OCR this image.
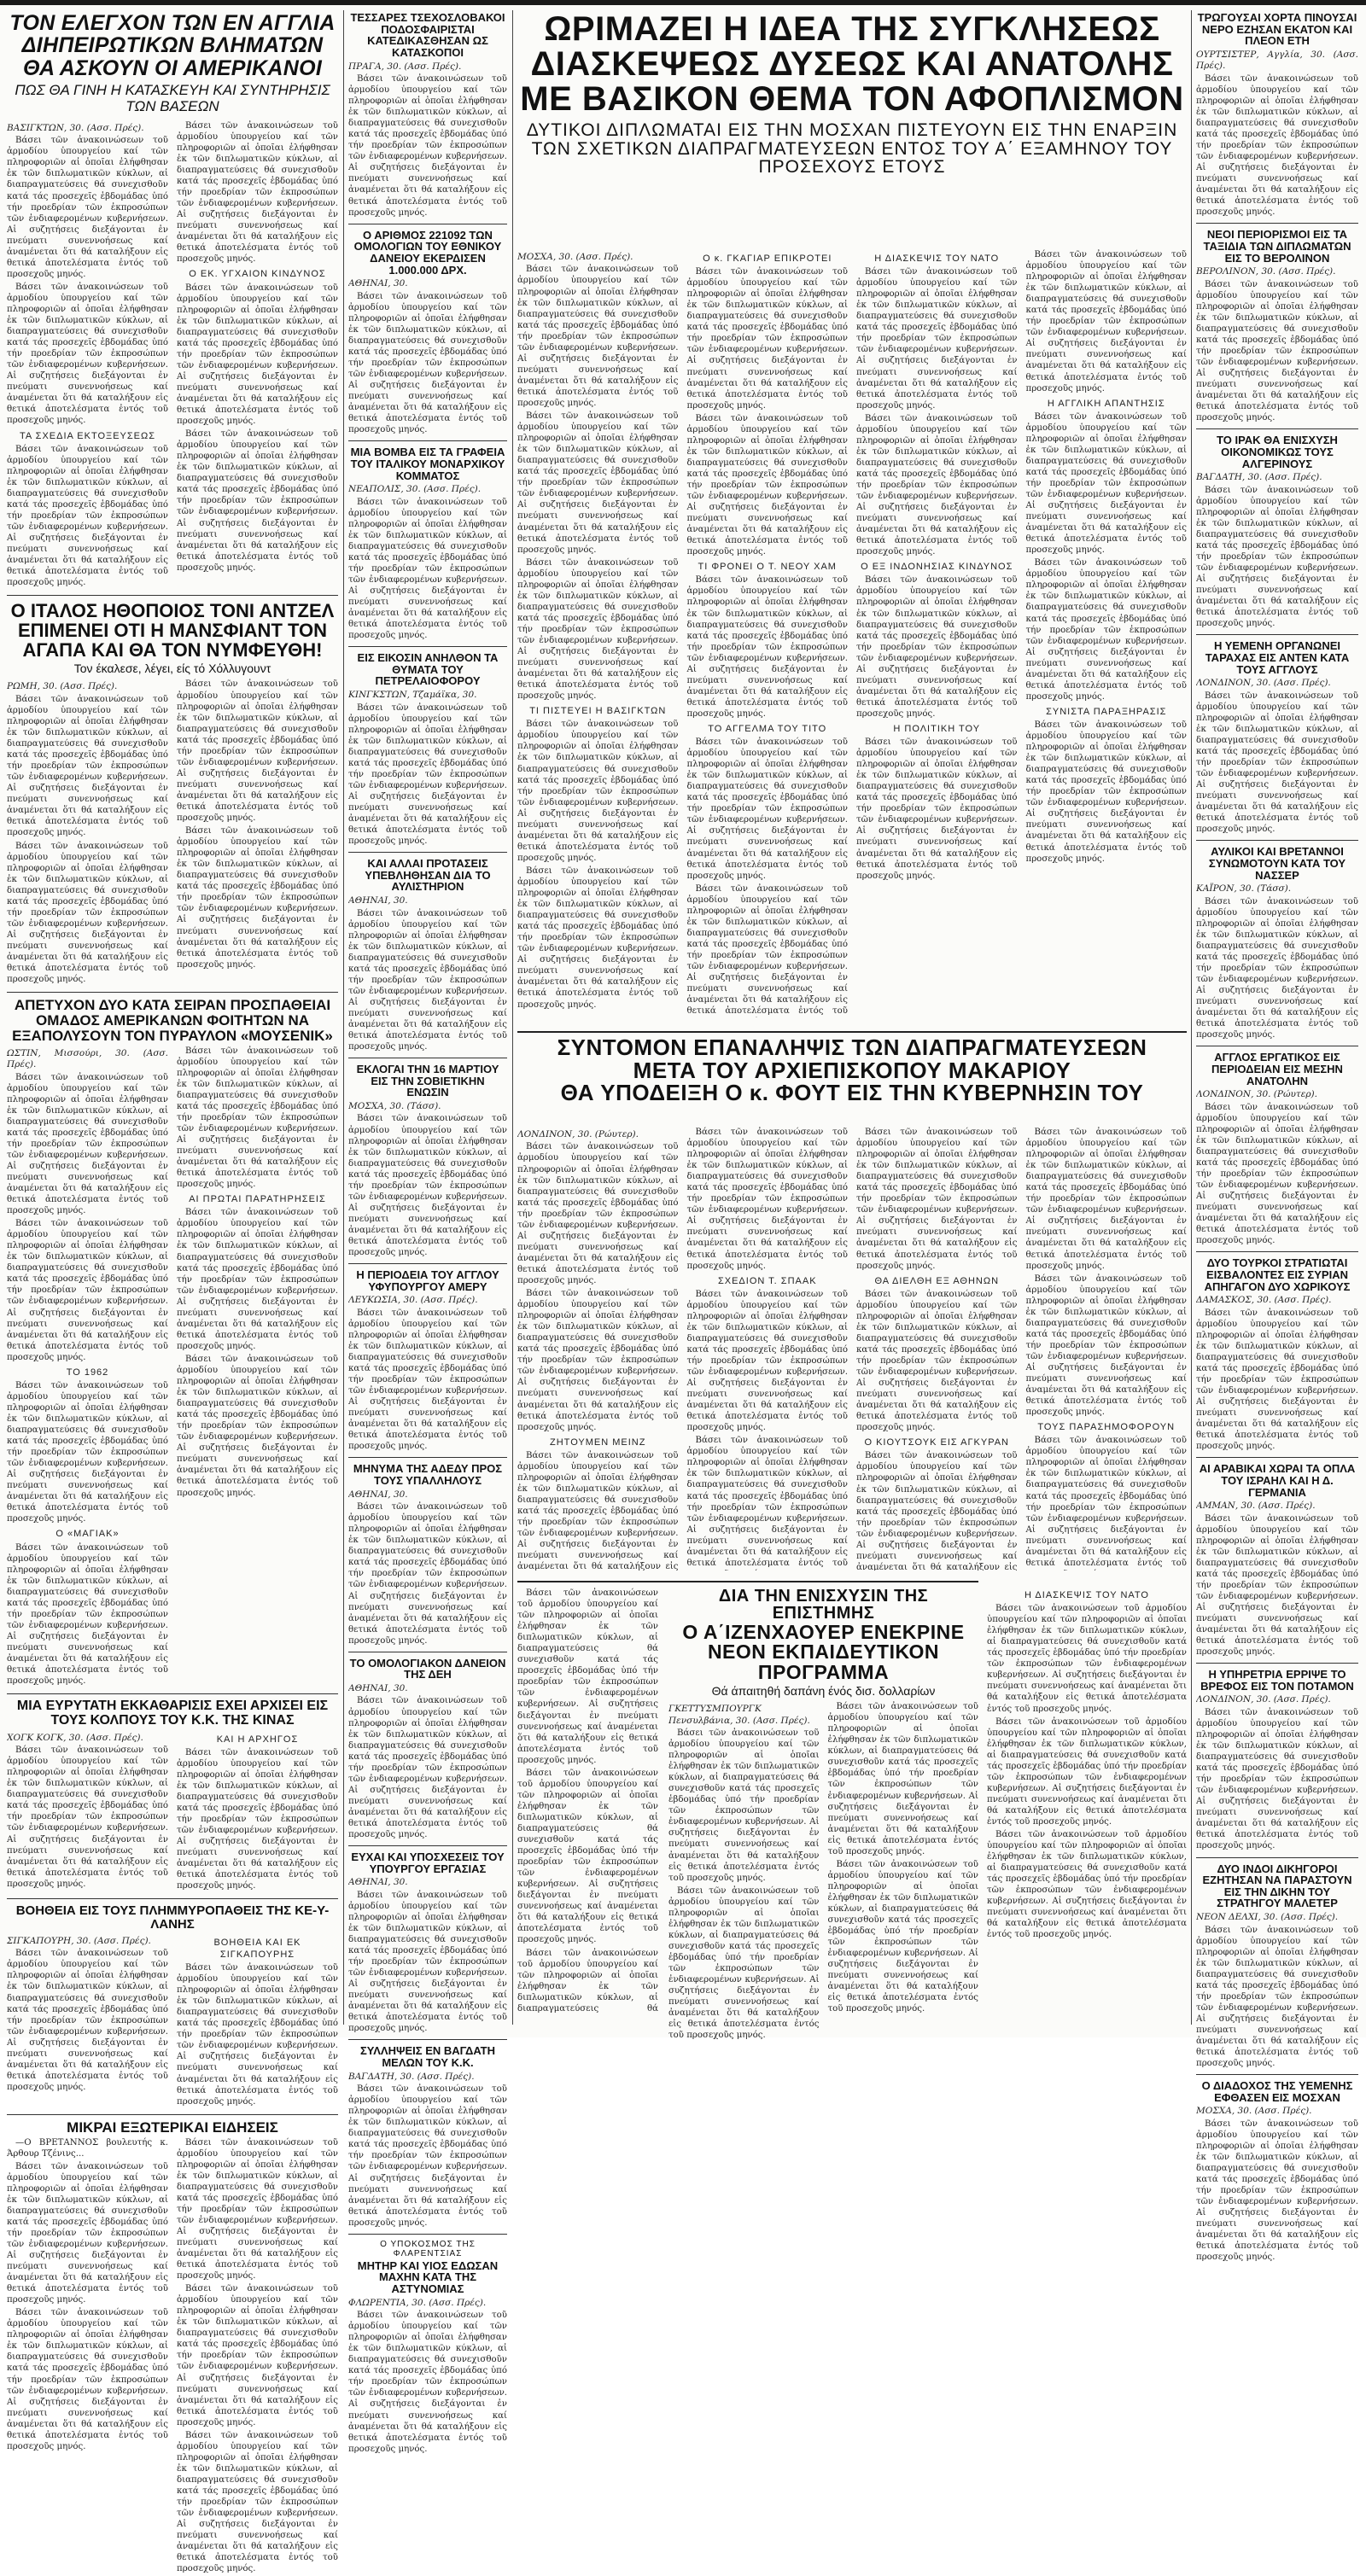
ΤΟΝ ΕΛΕΓΧΟΝ ΤΩΝ ΕΝ ΑΓΓΛΙΑ ΔΙΗΠΕΙΡΩΤΙΚΩΝ ΒΛΗΜΑΤΩΝ ΘΑ ΑΣΚΟΥΝ ΟΙ ΑΜΕΡΙΚΑΝΟΙ
ΠΩΣ ΘΑ ΓΙΝΗ Η ΚΑΤΑΣΚΕΥΗ ΚΑΙ ΣΥΝΤΗΡΗΣΙΣ ΤΩΝ ΒΑΣΕΩΝ
ΒΑΣΙΓΚΤΩΝ, 30. (Ασσ. Πρές).

Βάσει τῶν ἀνακοινώσεων τοῦ ἀρμοδίου ὑπουργείου καί τῶν πληροφοριῶν αἱ ὁποῖαι ἐλήφθησαν ἐκ τῶν διπλωματικῶν κύκλων, αἱ διαπραγματεύσεις θά συνεχισθοῦν κατά τάς προσεχεῖς ἑβδομάδας ὑπό τήν προεδρίαν τῶν ἐκπροσώπων τῶν ἐνδιαφερομένων κυβερνήσεων. Αἱ συζητήσεις διεξάγονται ἐν πνεύματι συνεννοήσεως καί ἀναμένεται ὅτι θά καταλήξουν εἰς θετικά ἀποτελέσματα ἐντός τοῦ προσεχοῦς μηνός.

Βάσει τῶν ἀνακοινώσεων τοῦ ἀρμοδίου ὑπουργείου καί τῶν πληροφοριῶν αἱ ὁποῖαι ἐλήφθησαν ἐκ τῶν διπλωματικῶν κύκλων, αἱ διαπραγματεύσεις θά συνεχισθοῦν κατά τάς προσεχεῖς ἑβδομάδας ὑπό τήν προεδρίαν τῶν ἐκπροσώπων τῶν ἐνδιαφερομένων κυβερνήσεων. Αἱ συζητήσεις διεξάγονται ἐν πνεύματι συνεννοήσεως καί ἀναμένεται ὅτι θά καταλήξουν εἰς θετικά ἀποτελέσματα ἐντός τοῦ προσεχοῦς μηνός.

ΤΑ ΣΧΕΔΙΑ ΕΚΤΟΞΕΥΣΕΩΣ

Βάσει τῶν ἀνακοινώσεων τοῦ ἀρμοδίου ὑπουργείου καί τῶν πληροφοριῶν αἱ ὁποῖαι ἐλήφθησαν ἐκ τῶν διπλωματικῶν κύκλων, αἱ διαπραγματεύσεις θά συνεχισθοῦν κατά τάς προσεχεῖς ἑβδομάδας ὑπό τήν προεδρίαν τῶν ἐκπροσώπων τῶν ἐνδιαφερομένων κυβερνήσεων. Αἱ συζητήσεις διεξάγονται ἐν πνεύματι συνεννοήσεως καί ἀναμένεται ὅτι θά καταλήξουν εἰς θετικά ἀποτελέσματα ἐντός τοῦ προσεχοῦς μηνός.

Βάσει τῶν ἀνακοινώσεων τοῦ ἀρμοδίου ὑπουργείου καί τῶν πληροφοριῶν αἱ ὁποῖαι ἐλήφθησαν ἐκ τῶν διπλωματικῶν κύκλων, αἱ διαπραγματεύσεις θά συνεχισθοῦν κατά τάς προσεχεῖς ἑβδομάδας ὑπό τήν προεδρίαν τῶν ἐκπροσώπων τῶν ἐνδιαφερομένων κυβερνήσεων. Αἱ συζητήσεις διεξάγονται ἐν πνεύματι συνεννοήσεως καί ἀναμένεται ὅτι θά καταλήξουν εἰς θετικά ἀποτελέσματα ἐντός τοῦ προσεχοῦς μηνός.

Ο ΕΚ. ΥΓΧΑΙΟΝ ΚΙΝΔΥΝΟΣ

Βάσει τῶν ἀνακοινώσεων τοῦ ἀρμοδίου ὑπουργείου καί τῶν πληροφοριῶν αἱ ὁποῖαι ἐλήφθησαν ἐκ τῶν διπλωματικῶν κύκλων, αἱ διαπραγματεύσεις θά συνεχισθοῦν κατά τάς προσεχεῖς ἑβδομάδας ὑπό τήν προεδρίαν τῶν ἐκπροσώπων τῶν ἐνδιαφερομένων κυβερνήσεων. Αἱ συζητήσεις διεξάγονται ἐν πνεύματι συνεννοήσεως καί ἀναμένεται ὅτι θά καταλήξουν εἰς θετικά ἀποτελέσματα ἐντός τοῦ προσεχοῦς μηνός.

Βάσει τῶν ἀνακοινώσεων τοῦ ἀρμοδίου ὑπουργείου καί τῶν πληροφοριῶν αἱ ὁποῖαι ἐλήφθησαν ἐκ τῶν διπλωματικῶν κύκλων, αἱ διαπραγματεύσεις θά συνεχισθοῦν κατά τάς προσεχεῖς ἑβδομάδας ὑπό τήν προεδρίαν τῶν ἐκπροσώπων τῶν ἐνδιαφερομένων κυβερνήσεων. Αἱ συζητήσεις διεξάγονται ἐν πνεύματι συνεννοήσεως καί ἀναμένεται ὅτι θά καταλήξουν εἰς θετικά ἀποτελέσματα ἐντός τοῦ προσεχοῦς μηνός.

Ο ΙΤΑΛΟΣ ΗΘΟΠΟΙΟΣ ΤΟΝΙ ΑΝΤΖΕΛ ΕΠΙΜΕΝΕΙ ΟΤΙ Η ΜΑΝΣΦΙΑΝΤ ΤΟΝ ΑΓΑΠΑ ΚΑΙ ΘΑ ΤΟΝ ΝΥΜΦΕΥΘΗ!
Τον έκαλεσε, λέγει, είς τό Χόλλυγουντ
ΡΩΜΗ, 30. (Ασσ. Πρές).

Βάσει τῶν ἀνακοινώσεων τοῦ ἀρμοδίου ὑπουργείου καί τῶν πληροφοριῶν αἱ ὁποῖαι ἐλήφθησαν ἐκ τῶν διπλωματικῶν κύκλων, αἱ διαπραγματεύσεις θά συνεχισθοῦν κατά τάς προσεχεῖς ἑβδομάδας ὑπό τήν προεδρίαν τῶν ἐκπροσώπων τῶν ἐνδιαφερομένων κυβερνήσεων. Αἱ συζητήσεις διεξάγονται ἐν πνεύματι συνεννοήσεως καί ἀναμένεται ὅτι θά καταλήξουν εἰς θετικά ἀποτελέσματα ἐντός τοῦ προσεχοῦς μηνός.

Βάσει τῶν ἀνακοινώσεων τοῦ ἀρμοδίου ὑπουργείου καί τῶν πληροφοριῶν αἱ ὁποῖαι ἐλήφθησαν ἐκ τῶν διπλωματικῶν κύκλων, αἱ διαπραγματεύσεις θά συνεχισθοῦν κατά τάς προσεχεῖς ἑβδομάδας ὑπό τήν προεδρίαν τῶν ἐκπροσώπων τῶν ἐνδιαφερομένων κυβερνήσεων. Αἱ συζητήσεις διεξάγονται ἐν πνεύματι συνεννοήσεως καί ἀναμένεται ὅτι θά καταλήξουν εἰς θετικά ἀποτελέσματα ἐντός τοῦ προσεχοῦς μηνός.

Βάσει τῶν ἀνακοινώσεων τοῦ ἀρμοδίου ὑπουργείου καί τῶν πληροφοριῶν αἱ ὁποῖαι ἐλήφθησαν ἐκ τῶν διπλωματικῶν κύκλων, αἱ διαπραγματεύσεις θά συνεχισθοῦν κατά τάς προσεχεῖς ἑβδομάδας ὑπό τήν προεδρίαν τῶν ἐκπροσώπων τῶν ἐνδιαφερομένων κυβερνήσεων. Αἱ συζητήσεις διεξάγονται ἐν πνεύματι συνεννοήσεως καί ἀναμένεται ὅτι θά καταλήξουν εἰς θετικά ἀποτελέσματα ἐντός τοῦ προσεχοῦς μηνός.

Βάσει τῶν ἀνακοινώσεων τοῦ ἀρμοδίου ὑπουργείου καί τῶν πληροφοριῶν αἱ ὁποῖαι ἐλήφθησαν ἐκ τῶν διπλωματικῶν κύκλων, αἱ διαπραγματεύσεις θά συνεχισθοῦν κατά τάς προσεχεῖς ἑβδομάδας ὑπό τήν προεδρίαν τῶν ἐκπροσώπων τῶν ἐνδιαφερομένων κυβερνήσεων. Αἱ συζητήσεις διεξάγονται ἐν πνεύματι συνεννοήσεως καί ἀναμένεται ὅτι θά καταλήξουν εἰς θετικά ἀποτελέσματα ἐντός τοῦ προσεχοῦς μηνός.

ΑΠΕΤΥΧΟΝ ΔΥΟ ΚΑΤΑ ΣΕΙΡΑΝ ΠΡΟΣΠΑΘΕΙΑΙ ΟΜΑΔΟΣ ΑΜΕΡΙΚΑΝΩΝ ΦΟΙΤΗΤΩΝ ΝΑ ΕΞΑΠΟΛΥΣΟΥΝ ΤΟΝ ΠΥΡΑΥΛΟΝ «ΜΟΥΣΕΝΙΚ»
ΩΣΤΙΝ, Μισσούρι, 30. (Ασσ. Πρές).

Βάσει τῶν ἀνακοινώσεων τοῦ ἀρμοδίου ὑπουργείου καί τῶν πληροφοριῶν αἱ ὁποῖαι ἐλήφθησαν ἐκ τῶν διπλωματικῶν κύκλων, αἱ διαπραγματεύσεις θά συνεχισθοῦν κατά τάς προσεχεῖς ἑβδομάδας ὑπό τήν προεδρίαν τῶν ἐκπροσώπων τῶν ἐνδιαφερομένων κυβερνήσεων. Αἱ συζητήσεις διεξάγονται ἐν πνεύματι συνεννοήσεως καί ἀναμένεται ὅτι θά καταλήξουν εἰς θετικά ἀποτελέσματα ἐντός τοῦ προσεχοῦς μηνός.

Βάσει τῶν ἀνακοινώσεων τοῦ ἀρμοδίου ὑπουργείου καί τῶν πληροφοριῶν αἱ ὁποῖαι ἐλήφθησαν ἐκ τῶν διπλωματικῶν κύκλων, αἱ διαπραγματεύσεις θά συνεχισθοῦν κατά τάς προσεχεῖς ἑβδομάδας ὑπό τήν προεδρίαν τῶν ἐκπροσώπων τῶν ἐνδιαφερομένων κυβερνήσεων. Αἱ συζητήσεις διεξάγονται ἐν πνεύματι συνεννοήσεως καί ἀναμένεται ὅτι θά καταλήξουν εἰς θετικά ἀποτελέσματα ἐντός τοῦ προσεχοῦς μηνός.

ΤΟ 1962

Βάσει τῶν ἀνακοινώσεων τοῦ ἀρμοδίου ὑπουργείου καί τῶν πληροφοριῶν αἱ ὁποῖαι ἐλήφθησαν ἐκ τῶν διπλωματικῶν κύκλων, αἱ διαπραγματεύσεις θά συνεχισθοῦν κατά τάς προσεχεῖς ἑβδομάδας ὑπό τήν προεδρίαν τῶν ἐκπροσώπων τῶν ἐνδιαφερομένων κυβερνήσεων. Αἱ συζητήσεις διεξάγονται ἐν πνεύματι συνεννοήσεως καί ἀναμένεται ὅτι θά καταλήξουν εἰς θετικά ἀποτελέσματα ἐντός τοῦ προσεχοῦς μηνός.

Ο «ΜΑΓΙΑΚ»

Βάσει τῶν ἀνακοινώσεων τοῦ ἀρμοδίου ὑπουργείου καί τῶν πληροφοριῶν αἱ ὁποῖαι ἐλήφθησαν ἐκ τῶν διπλωματικῶν κύκλων, αἱ διαπραγματεύσεις θά συνεχισθοῦν κατά τάς προσεχεῖς ἑβδομάδας ὑπό τήν προεδρίαν τῶν ἐκπροσώπων τῶν ἐνδιαφερομένων κυβερνήσεων. Αἱ συζητήσεις διεξάγονται ἐν πνεύματι συνεννοήσεως καί ἀναμένεται ὅτι θά καταλήξουν εἰς θετικά ἀποτελέσματα ἐντός τοῦ προσεχοῦς μηνός.

Βάσει τῶν ἀνακοινώσεων τοῦ ἀρμοδίου ὑπουργείου καί τῶν πληροφοριῶν αἱ ὁποῖαι ἐλήφθησαν ἐκ τῶν διπλωματικῶν κύκλων, αἱ διαπραγματεύσεις θά συνεχισθοῦν κατά τάς προσεχεῖς ἑβδομάδας ὑπό τήν προεδρίαν τῶν ἐκπροσώπων τῶν ἐνδιαφερομένων κυβερνήσεων. Αἱ συζητήσεις διεξάγονται ἐν πνεύματι συνεννοήσεως καί ἀναμένεται ὅτι θά καταλήξουν εἰς θετικά ἀποτελέσματα ἐντός τοῦ προσεχοῦς μηνός.

ΑΙ ΠΡΩΤΑΙ ΠΑΡΑΤΗΡΗΣΕΙΣ

Βάσει τῶν ἀνακοινώσεων τοῦ ἀρμοδίου ὑπουργείου καί τῶν πληροφοριῶν αἱ ὁποῖαι ἐλήφθησαν ἐκ τῶν διπλωματικῶν κύκλων, αἱ διαπραγματεύσεις θά συνεχισθοῦν κατά τάς προσεχεῖς ἑβδομάδας ὑπό τήν προεδρίαν τῶν ἐκπροσώπων τῶν ἐνδιαφερομένων κυβερνήσεων. Αἱ συζητήσεις διεξάγονται ἐν πνεύματι συνεννοήσεως καί ἀναμένεται ὅτι θά καταλήξουν εἰς θετικά ἀποτελέσματα ἐντός τοῦ προσεχοῦς μηνός.

Βάσει τῶν ἀνακοινώσεων τοῦ ἀρμοδίου ὑπουργείου καί τῶν πληροφοριῶν αἱ ὁποῖαι ἐλήφθησαν ἐκ τῶν διπλωματικῶν κύκλων, αἱ διαπραγματεύσεις θά συνεχισθοῦν κατά τάς προσεχεῖς ἑβδομάδας ὑπό τήν προεδρίαν τῶν ἐκπροσώπων τῶν ἐνδιαφερομένων κυβερνήσεων. Αἱ συζητήσεις διεξάγονται ἐν πνεύματι συνεννοήσεως καί ἀναμένεται ὅτι θά καταλήξουν εἰς θετικά ἀποτελέσματα ἐντός τοῦ προσεχοῦς μηνός.

ΜΙΑ ΕΥΡΥΤΑΤΗ ΕΚΚΑΘΑΡΙΣΙΣ ΕΧΕΙ ΑΡΧΙΣΕΙ ΕΙΣ ΤΟΥΣ ΚΟΛΠΟΥΣ ΤΟΥ Κ.Κ. ΤΗΣ ΚΙΝΑΣ
ΧΟΓΚ ΚΟΓΚ, 30. (Ασσ. Πρές).

Βάσει τῶν ἀνακοινώσεων τοῦ ἀρμοδίου ὑπουργείου καί τῶν πληροφοριῶν αἱ ὁποῖαι ἐλήφθησαν ἐκ τῶν διπλωματικῶν κύκλων, αἱ διαπραγματεύσεις θά συνεχισθοῦν κατά τάς προσεχεῖς ἑβδομάδας ὑπό τήν προεδρίαν τῶν ἐκπροσώπων τῶν ἐνδιαφερομένων κυβερνήσεων. Αἱ συζητήσεις διεξάγονται ἐν πνεύματι συνεννοήσεως καί ἀναμένεται ὅτι θά καταλήξουν εἰς θετικά ἀποτελέσματα ἐντός τοῦ προσεχοῦς μηνός.

ΚΑΙ Η ΑΡΧΗΓΟΣ

Βάσει τῶν ἀνακοινώσεων τοῦ ἀρμοδίου ὑπουργείου καί τῶν πληροφοριῶν αἱ ὁποῖαι ἐλήφθησαν ἐκ τῶν διπλωματικῶν κύκλων, αἱ διαπραγματεύσεις θά συνεχισθοῦν κατά τάς προσεχεῖς ἑβδομάδας ὑπό τήν προεδρίαν τῶν ἐκπροσώπων τῶν ἐνδιαφερομένων κυβερνήσεων. Αἱ συζητήσεις διεξάγονται ἐν πνεύματι συνεννοήσεως καί ἀναμένεται ὅτι θά καταλήξουν εἰς θετικά ἀποτελέσματα ἐντός τοῦ προσεχοῦς μηνός.

ΒΟΗΘΕΙΑ ΕΙΣ ΤΟΥΣ ΠΛΗΜΜΥΡΟΠΑΘΕΙΣ ΤΗΣ ΚΕ-Υ-ΛΑΝΗΣ
ΣΙΓΚΑΠΟΥΡΗ, 30. (Ασσ. Πρές).

Βάσει τῶν ἀνακοινώσεων τοῦ ἀρμοδίου ὑπουργείου καί τῶν πληροφοριῶν αἱ ὁποῖαι ἐλήφθησαν ἐκ τῶν διπλωματικῶν κύκλων, αἱ διαπραγματεύσεις θά συνεχισθοῦν κατά τάς προσεχεῖς ἑβδομάδας ὑπό τήν προεδρίαν τῶν ἐκπροσώπων τῶν ἐνδιαφερομένων κυβερνήσεων. Αἱ συζητήσεις διεξάγονται ἐν πνεύματι συνεννοήσεως καί ἀναμένεται ὅτι θά καταλήξουν εἰς θετικά ἀποτελέσματα ἐντός τοῦ προσεχοῦς μηνός.

ΒΟΗΘΕΙΑ ΚΑΙ ΕΚ ΣΙΓΚΑΠΟΥΡΗΣ

Βάσει τῶν ἀνακοινώσεων τοῦ ἀρμοδίου ὑπουργείου καί τῶν πληροφοριῶν αἱ ὁποῖαι ἐλήφθησαν ἐκ τῶν διπλωματικῶν κύκλων, αἱ διαπραγματεύσεις θά συνεχισθοῦν κατά τάς προσεχεῖς ἑβδομάδας ὑπό τήν προεδρίαν τῶν ἐκπροσώπων τῶν ἐνδιαφερομένων κυβερνήσεων. Αἱ συζητήσεις διεξάγονται ἐν πνεύματι συνεννοήσεως καί ἀναμένεται ὅτι θά καταλήξουν εἰς θετικά ἀποτελέσματα ἐντός τοῦ προσεχοῦς μηνός.

ΜΙΚΡΑΙ ΕΞΩΤΕΡΙΚΑΙ ΕΙΔΗΣΕΙΣ

—Ο ΒΡΕΤΑΝΝΟΣ βουλευτής κ. Άρθουρ Τζένινς...

Βάσει τῶν ἀνακοινώσεων τοῦ ἀρμοδίου ὑπουργείου καί τῶν πληροφοριῶν αἱ ὁποῖαι ἐλήφθησαν ἐκ τῶν διπλωματικῶν κύκλων, αἱ διαπραγματεύσεις θά συνεχισθοῦν κατά τάς προσεχεῖς ἑβδομάδας ὑπό τήν προεδρίαν τῶν ἐκπροσώπων τῶν ἐνδιαφερομένων κυβερνήσεων. Αἱ συζητήσεις διεξάγονται ἐν πνεύματι συνεννοήσεως καί ἀναμένεται ὅτι θά καταλήξουν εἰς θετικά ἀποτελέσματα ἐντός τοῦ προσεχοῦς μηνός.

Βάσει τῶν ἀνακοινώσεων τοῦ ἀρμοδίου ὑπουργείου καί τῶν πληροφοριῶν αἱ ὁποῖαι ἐλήφθησαν ἐκ τῶν διπλωματικῶν κύκλων, αἱ διαπραγματεύσεις θά συνεχισθοῦν κατά τάς προσεχεῖς ἑβδομάδας ὑπό τήν προεδρίαν τῶν ἐκπροσώπων τῶν ἐνδιαφερομένων κυβερνήσεων. Αἱ συζητήσεις διεξάγονται ἐν πνεύματι συνεννοήσεως καί ἀναμένεται ὅτι θά καταλήξουν εἰς θετικά ἀποτελέσματα ἐντός τοῦ προσεχοῦς μηνός.

Βάσει τῶν ἀνακοινώσεων τοῦ ἀρμοδίου ὑπουργείου καί τῶν πληροφοριῶν αἱ ὁποῖαι ἐλήφθησαν ἐκ τῶν διπλωματικῶν κύκλων, αἱ διαπραγματεύσεις θά συνεχισθοῦν κατά τάς προσεχεῖς ἑβδομάδας ὑπό τήν προεδρίαν τῶν ἐκπροσώπων τῶν ἐνδιαφερομένων κυβερνήσεων. Αἱ συζητήσεις διεξάγονται ἐν πνεύματι συνεννοήσεως καί ἀναμένεται ὅτι θά καταλήξουν εἰς θετικά ἀποτελέσματα ἐντός τοῦ προσεχοῦς μηνός.

Βάσει τῶν ἀνακοινώσεων τοῦ ἀρμοδίου ὑπουργείου καί τῶν πληροφοριῶν αἱ ὁποῖαι ἐλήφθησαν ἐκ τῶν διπλωματικῶν κύκλων, αἱ διαπραγματεύσεις θά συνεχισθοῦν κατά τάς προσεχεῖς ἑβδομάδας ὑπό τήν προεδρίαν τῶν ἐκπροσώπων τῶν ἐνδιαφερομένων κυβερνήσεων. Αἱ συζητήσεις διεξάγονται ἐν πνεύματι συνεννοήσεως καί ἀναμένεται ὅτι θά καταλήξουν εἰς θετικά ἀποτελέσματα ἐντός τοῦ προσεχοῦς μηνός.

Βάσει τῶν ἀνακοινώσεων τοῦ ἀρμοδίου ὑπουργείου καί τῶν πληροφοριῶν αἱ ὁποῖαι ἐλήφθησαν ἐκ τῶν διπλωματικῶν κύκλων, αἱ διαπραγματεύσεις θά συνεχισθοῦν κατά τάς προσεχεῖς ἑβδομάδας ὑπό τήν προεδρίαν τῶν ἐκπροσώπων τῶν ἐνδιαφερομένων κυβερνήσεων. Αἱ συζητήσεις διεξάγονται ἐν πνεύματι συνεννοήσεως καί ἀναμένεται ὅτι θά καταλήξουν εἰς θετικά ἀποτελέσματα ἐντός τοῦ προσεχοῦς μηνός.

ΤΕΣΣΑΡΕΣ ΤΣΕΧΟΣΛΟΒΑΚΟΙ ΠΟΔΟΣΦΑΙΡΙΣΤΑΙ ΚΑΤΕΔΙΚΑΣΘΗΣΑΝ ΩΣ ΚΑΤΑΣΚΟΠΟΙ
ΠΡΑΓΑ, 30. (Ασσ. Πρές).

Βάσει τῶν ἀνακοινώσεων τοῦ ἀρμοδίου ὑπουργείου καί τῶν πληροφοριῶν αἱ ὁποῖαι ἐλήφθησαν ἐκ τῶν διπλωματικῶν κύκλων, αἱ διαπραγματεύσεις θά συνεχισθοῦν κατά τάς προσεχεῖς ἑβδομάδας ὑπό τήν προεδρίαν τῶν ἐκπροσώπων τῶν ἐνδιαφερομένων κυβερνήσεων. Αἱ συζητήσεις διεξάγονται ἐν πνεύματι συνεννοήσεως καί ἀναμένεται ὅτι θά καταλήξουν εἰς θετικά ἀποτελέσματα ἐντός τοῦ προσεχοῦς μηνός.

Ο ΑΡΙΘΜΟΣ 221092 ΤΩΝ ΟΜΟΛΟΓΙΩΝ ΤΟΥ ΕΘΝΙΚΟΥ ΔΑΝΕΙΟΥ ΕΚΕΡΔΙΣΕΝ 1.000.000 ΔΡΧ.
ΑΘΗΝΑΙ, 30.

Βάσει τῶν ἀνακοινώσεων τοῦ ἀρμοδίου ὑπουργείου καί τῶν πληροφοριῶν αἱ ὁποῖαι ἐλήφθησαν ἐκ τῶν διπλωματικῶν κύκλων, αἱ διαπραγματεύσεις θά συνεχισθοῦν κατά τάς προσεχεῖς ἑβδομάδας ὑπό τήν προεδρίαν τῶν ἐκπροσώπων τῶν ἐνδιαφερομένων κυβερνήσεων. Αἱ συζητήσεις διεξάγονται ἐν πνεύματι συνεννοήσεως καί ἀναμένεται ὅτι θά καταλήξουν εἰς θετικά ἀποτελέσματα ἐντός τοῦ προσεχοῦς μηνός.

ΜΙΑ ΒΟΜΒΑ ΕΙΣ ΤΑ ΓΡΑΦΕΙΑ ΤΟΥ ΙΤΑΛΙΚΟΥ ΜΟΝΑΡΧΙΚΟΥ ΚΟΜΜΑΤΟΣ
ΝΕΑΠΟΛΙΣ, 30. (Ασσ. Πρές).

Βάσει τῶν ἀνακοινώσεων τοῦ ἀρμοδίου ὑπουργείου καί τῶν πληροφοριῶν αἱ ὁποῖαι ἐλήφθησαν ἐκ τῶν διπλωματικῶν κύκλων, αἱ διαπραγματεύσεις θά συνεχισθοῦν κατά τάς προσεχεῖς ἑβδομάδας ὑπό τήν προεδρίαν τῶν ἐκπροσώπων τῶν ἐνδιαφερομένων κυβερνήσεων. Αἱ συζητήσεις διεξάγονται ἐν πνεύματι συνεννοήσεως καί ἀναμένεται ὅτι θά καταλήξουν εἰς θετικά ἀποτελέσματα ἐντός τοῦ προσεχοῦς μηνός.

ΕΙΣ ΕΙΚΟΣΙΝ ΑΝΗΛΘΟΝ ΤΑ ΘΥΜΑΤΑ ΤΟΥ ΠΕΤΡΕΛΑΙΟΦΟΡΟΥ
ΚΙΝΓΚΣΤΩΝ, Τζαμάϊκα, 30.

Βάσει τῶν ἀνακοινώσεων τοῦ ἀρμοδίου ὑπουργείου καί τῶν πληροφοριῶν αἱ ὁποῖαι ἐλήφθησαν ἐκ τῶν διπλωματικῶν κύκλων, αἱ διαπραγματεύσεις θά συνεχισθοῦν κατά τάς προσεχεῖς ἑβδομάδας ὑπό τήν προεδρίαν τῶν ἐκπροσώπων τῶν ἐνδιαφερομένων κυβερνήσεων. Αἱ συζητήσεις διεξάγονται ἐν πνεύματι συνεννοήσεως καί ἀναμένεται ὅτι θά καταλήξουν εἰς θετικά ἀποτελέσματα ἐντός τοῦ προσεχοῦς μηνός.

ΚΑΙ ΑΛΛΑΙ ΠΡΟΤΑΣΕΙΣ ΥΠΕΒΛΗΘΗΣΑΝ ΔΙΑ ΤΟ ΑΥΛΙΣΤΗΡΙΟΝ
ΑΘΗΝΑΙ, 30.

Βάσει τῶν ἀνακοινώσεων τοῦ ἀρμοδίου ὑπουργείου καί τῶν πληροφοριῶν αἱ ὁποῖαι ἐλήφθησαν ἐκ τῶν διπλωματικῶν κύκλων, αἱ διαπραγματεύσεις θά συνεχισθοῦν κατά τάς προσεχεῖς ἑβδομάδας ὑπό τήν προεδρίαν τῶν ἐκπροσώπων τῶν ἐνδιαφερομένων κυβερνήσεων. Αἱ συζητήσεις διεξάγονται ἐν πνεύματι συνεννοήσεως καί ἀναμένεται ὅτι θά καταλήξουν εἰς θετικά ἀποτελέσματα ἐντός τοῦ προσεχοῦς μηνός.

ΕΚΛΟΓΑΙ ΤΗΝ 16 ΜΑΡΤΙΟΥ ΕΙΣ ΤΗΝ ΣΟΒΙΕΤΙΚΗΝ ΕΝΩΣΙΝ
ΜΟΣΧΑ, 30. (Τάσσ).

Βάσει τῶν ἀνακοινώσεων τοῦ ἀρμοδίου ὑπουργείου καί τῶν πληροφοριῶν αἱ ὁποῖαι ἐλήφθησαν ἐκ τῶν διπλωματικῶν κύκλων, αἱ διαπραγματεύσεις θά συνεχισθοῦν κατά τάς προσεχεῖς ἑβδομάδας ὑπό τήν προεδρίαν τῶν ἐκπροσώπων τῶν ἐνδιαφερομένων κυβερνήσεων. Αἱ συζητήσεις διεξάγονται ἐν πνεύματι συνεννοήσεως καί ἀναμένεται ὅτι θά καταλήξουν εἰς θετικά ἀποτελέσματα ἐντός τοῦ προσεχοῦς μηνός.

Η ΠΕΡΙΟΔΕΙΑ ΤΟΥ ΑΓΓΛΟΥ ΥΦΥΠΟΥΡΓΟΥ ΑΜΕΡΥ
ΛΕΥΚΩΣΙΑ, 30. (Ασσ. Πρές).

Βάσει τῶν ἀνακοινώσεων τοῦ ἀρμοδίου ὑπουργείου καί τῶν πληροφοριῶν αἱ ὁποῖαι ἐλήφθησαν ἐκ τῶν διπλωματικῶν κύκλων, αἱ διαπραγματεύσεις θά συνεχισθοῦν κατά τάς προσεχεῖς ἑβδομάδας ὑπό τήν προεδρίαν τῶν ἐκπροσώπων τῶν ἐνδιαφερομένων κυβερνήσεων. Αἱ συζητήσεις διεξάγονται ἐν πνεύματι συνεννοήσεως καί ἀναμένεται ὅτι θά καταλήξουν εἰς θετικά ἀποτελέσματα ἐντός τοῦ προσεχοῦς μηνός.

ΜΗΝΥΜΑ ΤΗΣ ΑΔΕΔΥ ΠΡΟΣ ΤΟΥΣ ΥΠΑΛΛΗΛΟΥΣ
ΑΘΗΝΑΙ, 30.

Βάσει τῶν ἀνακοινώσεων τοῦ ἀρμοδίου ὑπουργείου καί τῶν πληροφοριῶν αἱ ὁποῖαι ἐλήφθησαν ἐκ τῶν διπλωματικῶν κύκλων, αἱ διαπραγματεύσεις θά συνεχισθοῦν κατά τάς προσεχεῖς ἑβδομάδας ὑπό τήν προεδρίαν τῶν ἐκπροσώπων τῶν ἐνδιαφερομένων κυβερνήσεων. Αἱ συζητήσεις διεξάγονται ἐν πνεύματι συνεννοήσεως καί ἀναμένεται ὅτι θά καταλήξουν εἰς θετικά ἀποτελέσματα ἐντός τοῦ προσεχοῦς μηνός.

ΤΟ ΟΜΟΛΟΓΙΑΚΟΝ ΔΑΝΕΙΟΝ ΤΗΣ ΔΕΗ
ΑΘΗΝΑΙ, 30.

Βάσει τῶν ἀνακοινώσεων τοῦ ἀρμοδίου ὑπουργείου καί τῶν πληροφοριῶν αἱ ὁποῖαι ἐλήφθησαν ἐκ τῶν διπλωματικῶν κύκλων, αἱ διαπραγματεύσεις θά συνεχισθοῦν κατά τάς προσεχεῖς ἑβδομάδας ὑπό τήν προεδρίαν τῶν ἐκπροσώπων τῶν ἐνδιαφερομένων κυβερνήσεων. Αἱ συζητήσεις διεξάγονται ἐν πνεύματι συνεννοήσεως καί ἀναμένεται ὅτι θά καταλήξουν εἰς θετικά ἀποτελέσματα ἐντός τοῦ προσεχοῦς μηνός.

ΕΥΧΑΙ ΚΑΙ ΥΠΟΣΧΕΣΕΙΣ ΤΟΥ ΥΠΟΥΡΓΟΥ ΕΡΓΑΣΙΑΣ
ΑΘΗΝΑΙ, 30.

Βάσει τῶν ἀνακοινώσεων τοῦ ἀρμοδίου ὑπουργείου καί τῶν πληροφοριῶν αἱ ὁποῖαι ἐλήφθησαν ἐκ τῶν διπλωματικῶν κύκλων, αἱ διαπραγματεύσεις θά συνεχισθοῦν κατά τάς προσεχεῖς ἑβδομάδας ὑπό τήν προεδρίαν τῶν ἐκπροσώπων τῶν ἐνδιαφερομένων κυβερνήσεων. Αἱ συζητήσεις διεξάγονται ἐν πνεύματι συνεννοήσεως καί ἀναμένεται ὅτι θά καταλήξουν εἰς θετικά ἀποτελέσματα ἐντός τοῦ προσεχοῦς μηνός.

ΣΥΛΛΗΨΕΙΣ ΕΝ ΒΑΓΔΑΤΗ ΜΕΛΩΝ ΤΟΥ Κ.Κ.
ΒΑΓΔΑΤΗ, 30. (Ασσ. Πρές).

Βάσει τῶν ἀνακοινώσεων τοῦ ἀρμοδίου ὑπουργείου καί τῶν πληροφοριῶν αἱ ὁποῖαι ἐλήφθησαν ἐκ τῶν διπλωματικῶν κύκλων, αἱ διαπραγματεύσεις θά συνεχισθοῦν κατά τάς προσεχεῖς ἑβδομάδας ὑπό τήν προεδρίαν τῶν ἐκπροσώπων τῶν ἐνδιαφερομένων κυβερνήσεων. Αἱ συζητήσεις διεξάγονται ἐν πνεύματι συνεννοήσεως καί ἀναμένεται ὅτι θά καταλήξουν εἰς θετικά ἀποτελέσματα ἐντός τοῦ προσεχοῦς μηνός.

Ο ΥΠΟΚΟΣΜΟΣ ΤΗΣ ΦΛΑΡΕΝΤΣΙΑΣ
ΜΗΤΗΡ ΚΑΙ ΥΙΟΣ ΕΔΩΣΑΝ ΜΑΧΗΝ ΚΑΤΑ ΤΗΣ ΑΣΤΥΝΟΜΙΑΣ
ΦΛΩΡΕΝΤΙΑ, 30. (Ασσ. Πρές).

Βάσει τῶν ἀνακοινώσεων τοῦ ἀρμοδίου ὑπουργείου καί τῶν πληροφοριῶν αἱ ὁποῖαι ἐλήφθησαν ἐκ τῶν διπλωματικῶν κύκλων, αἱ διαπραγματεύσεις θά συνεχισθοῦν κατά τάς προσεχεῖς ἑβδομάδας ὑπό τήν προεδρίαν τῶν ἐκπροσώπων τῶν ἐνδιαφερομένων κυβερνήσεων. Αἱ συζητήσεις διεξάγονται ἐν πνεύματι συνεννοήσεως καί ἀναμένεται ὅτι θά καταλήξουν εἰς θετικά ἀποτελέσματα ἐντός τοῦ προσεχοῦς μηνός.

ΩΡΙΜΑΖΕΙ Η ΙΔΕΑ ΤΗΣ ΣΥΓΚΛΗΣΕΩΣ ΔΙΑΣΚΕΨΕΩΣ ΔΥΣΕΩΣ ΚΑΙ ΑΝΑΤΟΛΗΣ ΜΕ ΒΑΣΙΚΟΝ ΘΕΜΑ ΤΟΝ ΑΦΟΠΛΙΣΜΟΝ
ΔΥΤΙΚΟΙ ΔΙΠΛΩΜΑΤΑΙ ΕΙΣ ΤΗΝ ΜΟΣΧΑΝ ΠΙΣΤΕΥΟΥΝ ΕΙΣ ΤΗΝ ΕΝΑΡΞΙΝ ΤΩΝ ΣΧΕΤΙΚΩΝ ΔΙΑΠΡΑΓΜΑΤΕΥΣΕΩΝ ΕΝΤΟΣ ΤΟΥ Α΄ ΕΞΑΜΗΝΟΥ ΤΟΥ ΠΡΟΣΕΧΟΥΣ ΕΤΟΥΣ
ΜΟΣΧΑ, 30. (Ασσ. Πρές).

Βάσει τῶν ἀνακοινώσεων τοῦ ἀρμοδίου ὑπουργείου καί τῶν πληροφοριῶν αἱ ὁποῖαι ἐλήφθησαν ἐκ τῶν διπλωματικῶν κύκλων, αἱ διαπραγματεύσεις θά συνεχισθοῦν κατά τάς προσεχεῖς ἑβδομάδας ὑπό τήν προεδρίαν τῶν ἐκπροσώπων τῶν ἐνδιαφερομένων κυβερνήσεων. Αἱ συζητήσεις διεξάγονται ἐν πνεύματι συνεννοήσεως καί ἀναμένεται ὅτι θά καταλήξουν εἰς θετικά ἀποτελέσματα ἐντός τοῦ προσεχοῦς μηνός.

Βάσει τῶν ἀνακοινώσεων τοῦ ἀρμοδίου ὑπουργείου καί τῶν πληροφοριῶν αἱ ὁποῖαι ἐλήφθησαν ἐκ τῶν διπλωματικῶν κύκλων, αἱ διαπραγματεύσεις θά συνεχισθοῦν κατά τάς προσεχεῖς ἑβδομάδας ὑπό τήν προεδρίαν τῶν ἐκπροσώπων τῶν ἐνδιαφερομένων κυβερνήσεων. Αἱ συζητήσεις διεξάγονται ἐν πνεύματι συνεννοήσεως καί ἀναμένεται ὅτι θά καταλήξουν εἰς θετικά ἀποτελέσματα ἐντός τοῦ προσεχοῦς μηνός.

Βάσει τῶν ἀνακοινώσεων τοῦ ἀρμοδίου ὑπουργείου καί τῶν πληροφοριῶν αἱ ὁποῖαι ἐλήφθησαν ἐκ τῶν διπλωματικῶν κύκλων, αἱ διαπραγματεύσεις θά συνεχισθοῦν κατά τάς προσεχεῖς ἑβδομάδας ὑπό τήν προεδρίαν τῶν ἐκπροσώπων τῶν ἐνδιαφερομένων κυβερνήσεων. Αἱ συζητήσεις διεξάγονται ἐν πνεύματι συνεννοήσεως καί ἀναμένεται ὅτι θά καταλήξουν εἰς θετικά ἀποτελέσματα ἐντός τοῦ προσεχοῦς μηνός.

ΤΙ ΠΙΣΤΕΥΕΙ Η ΒΑΣΙΓΚΤΩΝ

Βάσει τῶν ἀνακοινώσεων τοῦ ἀρμοδίου ὑπουργείου καί τῶν πληροφοριῶν αἱ ὁποῖαι ἐλήφθησαν ἐκ τῶν διπλωματικῶν κύκλων, αἱ διαπραγματεύσεις θά συνεχισθοῦν κατά τάς προσεχεῖς ἑβδομάδας ὑπό τήν προεδρίαν τῶν ἐκπροσώπων τῶν ἐνδιαφερομένων κυβερνήσεων. Αἱ συζητήσεις διεξάγονται ἐν πνεύματι συνεννοήσεως καί ἀναμένεται ὅτι θά καταλήξουν εἰς θετικά ἀποτελέσματα ἐντός τοῦ προσεχοῦς μηνός.

Βάσει τῶν ἀνακοινώσεων τοῦ ἀρμοδίου ὑπουργείου καί τῶν πληροφοριῶν αἱ ὁποῖαι ἐλήφθησαν ἐκ τῶν διπλωματικῶν κύκλων, αἱ διαπραγματεύσεις θά συνεχισθοῦν κατά τάς προσεχεῖς ἑβδομάδας ὑπό τήν προεδρίαν τῶν ἐκπροσώπων τῶν ἐνδιαφερομένων κυβερνήσεων. Αἱ συζητήσεις διεξάγονται ἐν πνεύματι συνεννοήσεως καί ἀναμένεται ὅτι θά καταλήξουν εἰς θετικά ἀποτελέσματα ἐντός τοῦ προσεχοῦς μηνός.

Ο κ. ΓΚΑΓΙΑΡ ΕΠΙΚΡΟΤΕΙ

Βάσει τῶν ἀνακοινώσεων τοῦ ἀρμοδίου ὑπουργείου καί τῶν πληροφοριῶν αἱ ὁποῖαι ἐλήφθησαν ἐκ τῶν διπλωματικῶν κύκλων, αἱ διαπραγματεύσεις θά συνεχισθοῦν κατά τάς προσεχεῖς ἑβδομάδας ὑπό τήν προεδρίαν τῶν ἐκπροσώπων τῶν ἐνδιαφερομένων κυβερνήσεων. Αἱ συζητήσεις διεξάγονται ἐν πνεύματι συνεννοήσεως καί ἀναμένεται ὅτι θά καταλήξουν εἰς θετικά ἀποτελέσματα ἐντός τοῦ προσεχοῦς μηνός.

Βάσει τῶν ἀνακοινώσεων τοῦ ἀρμοδίου ὑπουργείου καί τῶν πληροφοριῶν αἱ ὁποῖαι ἐλήφθησαν ἐκ τῶν διπλωματικῶν κύκλων, αἱ διαπραγματεύσεις θά συνεχισθοῦν κατά τάς προσεχεῖς ἑβδομάδας ὑπό τήν προεδρίαν τῶν ἐκπροσώπων τῶν ἐνδιαφερομένων κυβερνήσεων. Αἱ συζητήσεις διεξάγονται ἐν πνεύματι συνεννοήσεως καί ἀναμένεται ὅτι θά καταλήξουν εἰς θετικά ἀποτελέσματα ἐντός τοῦ προσεχοῦς μηνός.

ΤΙ ΦΡΟΝΕΙ Ο Τ. ΝΕΟΥ ΧΑΜ

Βάσει τῶν ἀνακοινώσεων τοῦ ἀρμοδίου ὑπουργείου καί τῶν πληροφοριῶν αἱ ὁποῖαι ἐλήφθησαν ἐκ τῶν διπλωματικῶν κύκλων, αἱ διαπραγματεύσεις θά συνεχισθοῦν κατά τάς προσεχεῖς ἑβδομάδας ὑπό τήν προεδρίαν τῶν ἐκπροσώπων τῶν ἐνδιαφερομένων κυβερνήσεων. Αἱ συζητήσεις διεξάγονται ἐν πνεύματι συνεννοήσεως καί ἀναμένεται ὅτι θά καταλήξουν εἰς θετικά ἀποτελέσματα ἐντός τοῦ προσεχοῦς μηνός.

ΤΟ ΑΓΓΕΛΜΑ ΤΟΥ ΤΙΤΟ

Βάσει τῶν ἀνακοινώσεων τοῦ ἀρμοδίου ὑπουργείου καί τῶν πληροφοριῶν αἱ ὁποῖαι ἐλήφθησαν ἐκ τῶν διπλωματικῶν κύκλων, αἱ διαπραγματεύσεις θά συνεχισθοῦν κατά τάς προσεχεῖς ἑβδομάδας ὑπό τήν προεδρίαν τῶν ἐκπροσώπων τῶν ἐνδιαφερομένων κυβερνήσεων. Αἱ συζητήσεις διεξάγονται ἐν πνεύματι συνεννοήσεως καί ἀναμένεται ὅτι θά καταλήξουν εἰς θετικά ἀποτελέσματα ἐντός τοῦ προσεχοῦς μηνός.

Βάσει τῶν ἀνακοινώσεων τοῦ ἀρμοδίου ὑπουργείου καί τῶν πληροφοριῶν αἱ ὁποῖαι ἐλήφθησαν ἐκ τῶν διπλωματικῶν κύκλων, αἱ διαπραγματεύσεις θά συνεχισθοῦν κατά τάς προσεχεῖς ἑβδομάδας ὑπό τήν προεδρίαν τῶν ἐκπροσώπων τῶν ἐνδιαφερομένων κυβερνήσεων. Αἱ συζητήσεις διεξάγονται ἐν πνεύματι συνεννοήσεως καί ἀναμένεται ὅτι θά καταλήξουν εἰς θετικά ἀποτελέσματα ἐντός τοῦ

Η ΔΙΑΣΚΕΨΙΣ ΤΟΥ ΝΑΤΟ

Βάσει τῶν ἀνακοινώσεων τοῦ ἀρμοδίου ὑπουργείου καί τῶν πληροφοριῶν αἱ ὁποῖαι ἐλήφθησαν ἐκ τῶν διπλωματικῶν κύκλων, αἱ διαπραγματεύσεις θά συνεχισθοῦν κατά τάς προσεχεῖς ἑβδομάδας ὑπό τήν προεδρίαν τῶν ἐκπροσώπων τῶν ἐνδιαφερομένων κυβερνήσεων. Αἱ συζητήσεις διεξάγονται ἐν πνεύματι συνεννοήσεως καί ἀναμένεται ὅτι θά καταλήξουν εἰς θετικά ἀποτελέσματα ἐντός τοῦ προσεχοῦς μηνός.

Βάσει τῶν ἀνακοινώσεων τοῦ ἀρμοδίου ὑπουργείου καί τῶν πληροφοριῶν αἱ ὁποῖαι ἐλήφθησαν ἐκ τῶν διπλωματικῶν κύκλων, αἱ διαπραγματεύσεις θά συνεχισθοῦν κατά τάς προσεχεῖς ἑβδομάδας ὑπό τήν προεδρίαν τῶν ἐκπροσώπων τῶν ἐνδιαφερομένων κυβερνήσεων. Αἱ συζητήσεις διεξάγονται ἐν πνεύματι συνεννοήσεως καί ἀναμένεται ὅτι θά καταλήξουν εἰς θετικά ἀποτελέσματα ἐντός τοῦ προσεχοῦς μηνός.

Ο ΕΞ ΙΝΔΟΝΗΣΙΑΣ ΚΙΝΔΥΝΟΣ

Βάσει τῶν ἀνακοινώσεων τοῦ ἀρμοδίου ὑπουργείου καί τῶν πληροφοριῶν αἱ ὁποῖαι ἐλήφθησαν ἐκ τῶν διπλωματικῶν κύκλων, αἱ διαπραγματεύσεις θά συνεχισθοῦν κατά τάς προσεχεῖς ἑβδομάδας ὑπό τήν προεδρίαν τῶν ἐκπροσώπων τῶν ἐνδιαφερομένων κυβερνήσεων. Αἱ συζητήσεις διεξάγονται ἐν πνεύματι συνεννοήσεως καί ἀναμένεται ὅτι θά καταλήξουν εἰς θετικά ἀποτελέσματα ἐντός τοῦ προσεχοῦς μηνός.

Η ΠΟΛΙΤΙΚΗ ΤΟΥ

Βάσει τῶν ἀνακοινώσεων τοῦ ἀρμοδίου ὑπουργείου καί τῶν πληροφοριῶν αἱ ὁποῖαι ἐλήφθησαν ἐκ τῶν διπλωματικῶν κύκλων, αἱ διαπραγματεύσεις θά συνεχισθοῦν κατά τάς προσεχεῖς ἑβδομάδας ὑπό τήν προεδρίαν τῶν ἐκπροσώπων τῶν ἐνδιαφερομένων κυβερνήσεων. Αἱ συζητήσεις διεξάγονται ἐν πνεύματι συνεννοήσεως καί ἀναμένεται ὅτι θά καταλήξουν εἰς θετικά ἀποτελέσματα ἐντός τοῦ προσεχοῦς μηνός.

Βάσει τῶν ἀνακοινώσεων τοῦ ἀρμοδίου ὑπουργείου καί τῶν πληροφοριῶν αἱ ὁποῖαι ἐλήφθησαν ἐκ τῶν διπλωματικῶν κύκλων, αἱ διαπραγματεύσεις θά συνεχισθοῦν κατά τάς προσεχεῖς ἑβδομάδας ὑπό τήν προεδρίαν τῶν ἐκπροσώπων τῶν ἐνδιαφερομένων κυβερνήσεων. Αἱ συζητήσεις διεξάγονται ἐν πνεύματι συνεννοήσεως καί ἀναμένεται ὅτι θά καταλήξουν εἰς θετικά ἀποτελέσματα ἐντός τοῦ προσεχοῦς μηνός.

Η ΑΓΓΛΙΚΗ ΑΠΑΝΤΗΣΙΣ

Βάσει τῶν ἀνακοινώσεων τοῦ ἀρμοδίου ὑπουργείου καί τῶν πληροφοριῶν αἱ ὁποῖαι ἐλήφθησαν ἐκ τῶν διπλωματικῶν κύκλων, αἱ διαπραγματεύσεις θά συνεχισθοῦν κατά τάς προσεχεῖς ἑβδομάδας ὑπό τήν προεδρίαν τῶν ἐκπροσώπων τῶν ἐνδιαφερομένων κυβερνήσεων. Αἱ συζητήσεις διεξάγονται ἐν πνεύματι συνεννοήσεως καί ἀναμένεται ὅτι θά καταλήξουν εἰς θετικά ἀποτελέσματα ἐντός τοῦ προσεχοῦς μηνός.

Βάσει τῶν ἀνακοινώσεων τοῦ ἀρμοδίου ὑπουργείου καί τῶν πληροφοριῶν αἱ ὁποῖαι ἐλήφθησαν ἐκ τῶν διπλωματικῶν κύκλων, αἱ διαπραγματεύσεις θά συνεχισθοῦν κατά τάς προσεχεῖς ἑβδομάδας ὑπό τήν προεδρίαν τῶν ἐκπροσώπων τῶν ἐνδιαφερομένων κυβερνήσεων. Αἱ συζητήσεις διεξάγονται ἐν πνεύματι συνεννοήσεως καί ἀναμένεται ὅτι θά καταλήξουν εἰς θετικά ἀποτελέσματα ἐντός τοῦ προσεχοῦς μηνός.

ΣΥΝΙΣΤΑ ΠΑΡΑΞΗΡΑΣΙΣ

Βάσει τῶν ἀνακοινώσεων τοῦ ἀρμοδίου ὑπουργείου καί τῶν πληροφοριῶν αἱ ὁποῖαι ἐλήφθησαν ἐκ τῶν διπλωματικῶν κύκλων, αἱ διαπραγματεύσεις θά συνεχισθοῦν κατά τάς προσεχεῖς ἑβδομάδας ὑπό τήν προεδρίαν τῶν ἐκπροσώπων τῶν ἐνδιαφερομένων κυβερνήσεων. Αἱ συζητήσεις διεξάγονται ἐν πνεύματι συνεννοήσεως καί ἀναμένεται ὅτι θά καταλήξουν εἰς θετικά ἀποτελέσματα ἐντός τοῦ προσεχοῦς μηνός.

ΣΥΝΤΟΜΟΝ ΕΠΑΝΑΛΗΨΙΣ ΤΩΝ ΔΙΑΠΡΑΓΜΑΤΕΥΣΕΩΝ
ΜΕΤΑ ΤΟΥ ΑΡΧΙΕΠΙΣΚΟΠΟΥ ΜΑΚΑΡΙΟΥ
ΘΑ ΥΠΟΔΕΙΞΗ Ο κ. ΦΟΥΤ ΕΙΣ ΤΗΝ ΚΥΒΕΡΝΗΣΙΝ ΤΟΥ
ΛΟΝΔΙΝΟΝ, 30. (Ρώυτερ).

Βάσει τῶν ἀνακοινώσεων τοῦ ἀρμοδίου ὑπουργείου καί τῶν πληροφοριῶν αἱ ὁποῖαι ἐλήφθησαν ἐκ τῶν διπλωματικῶν κύκλων, αἱ διαπραγματεύσεις θά συνεχισθοῦν κατά τάς προσεχεῖς ἑβδομάδας ὑπό τήν προεδρίαν τῶν ἐκπροσώπων τῶν ἐνδιαφερομένων κυβερνήσεων. Αἱ συζητήσεις διεξάγονται ἐν πνεύματι συνεννοήσεως καί ἀναμένεται ὅτι θά καταλήξουν εἰς θετικά ἀποτελέσματα ἐντός τοῦ προσεχοῦς μηνός.

Βάσει τῶν ἀνακοινώσεων τοῦ ἀρμοδίου ὑπουργείου καί τῶν πληροφοριῶν αἱ ὁποῖαι ἐλήφθησαν ἐκ τῶν διπλωματικῶν κύκλων, αἱ διαπραγματεύσεις θά συνεχισθοῦν κατά τάς προσεχεῖς ἑβδομάδας ὑπό τήν προεδρίαν τῶν ἐκπροσώπων τῶν ἐνδιαφερομένων κυβερνήσεων. Αἱ συζητήσεις διεξάγονται ἐν πνεύματι συνεννοήσεως καί ἀναμένεται ὅτι θά καταλήξουν εἰς θετικά ἀποτελέσματα ἐντός τοῦ προσεχοῦς μηνός.

ΖΗΤΟΥΜΕΝ ΜΕΙΝΖ

Βάσει τῶν ἀνακοινώσεων τοῦ ἀρμοδίου ὑπουργείου καί τῶν πληροφοριῶν αἱ ὁποῖαι ἐλήφθησαν ἐκ τῶν διπλωματικῶν κύκλων, αἱ διαπραγματεύσεις θά συνεχισθοῦν κατά τάς προσεχεῖς ἑβδομάδας ὑπό τήν προεδρίαν τῶν ἐκπροσώπων τῶν ἐνδιαφερομένων κυβερνήσεων. Αἱ συζητήσεις διεξάγονται ἐν πνεύματι συνεννοήσεως καί ἀναμένεται ὅτι θά καταλήξουν εἰς

Βάσει τῶν ἀνακοινώσεων τοῦ ἀρμοδίου ὑπουργείου καί τῶν πληροφοριῶν αἱ ὁποῖαι ἐλήφθησαν ἐκ τῶν διπλωματικῶν κύκλων, αἱ διαπραγματεύσεις θά συνεχισθοῦν κατά τάς προσεχεῖς ἑβδομάδας ὑπό τήν προεδρίαν τῶν ἐκπροσώπων τῶν ἐνδιαφερομένων κυβερνήσεων. Αἱ συζητήσεις διεξάγονται ἐν πνεύματι συνεννοήσεως καί ἀναμένεται ὅτι θά καταλήξουν εἰς θετικά ἀποτελέσματα ἐντός τοῦ προσεχοῦς μηνός.

ΣΧΕΔΙΟΝ Τ. ΣΠΑΑΚ

Βάσει τῶν ἀνακοινώσεων τοῦ ἀρμοδίου ὑπουργείου καί τῶν πληροφοριῶν αἱ ὁποῖαι ἐλήφθησαν ἐκ τῶν διπλωματικῶν κύκλων, αἱ διαπραγματεύσεις θά συνεχισθοῦν κατά τάς προσεχεῖς ἑβδομάδας ὑπό τήν προεδρίαν τῶν ἐκπροσώπων τῶν ἐνδιαφερομένων κυβερνήσεων. Αἱ συζητήσεις διεξάγονται ἐν πνεύματι συνεννοήσεως καί ἀναμένεται ὅτι θά καταλήξουν εἰς θετικά ἀποτελέσματα ἐντός τοῦ προσεχοῦς μηνός.

Βάσει τῶν ἀνακοινώσεων τοῦ ἀρμοδίου ὑπουργείου καί τῶν πληροφοριῶν αἱ ὁποῖαι ἐλήφθησαν ἐκ τῶν διπλωματικῶν κύκλων, αἱ διαπραγματεύσεις θά συνεχισθοῦν κατά τάς προσεχεῖς ἑβδομάδας ὑπό τήν προεδρίαν τῶν ἐκπροσώπων τῶν ἐνδιαφερομένων κυβερνήσεων. Αἱ συζητήσεις διεξάγονται ἐν πνεύματι συνεννοήσεως καί ἀναμένεται ὅτι θά καταλήξουν εἰς θετικά ἀποτελέσματα ἐντός τοῦ

Βάσει τῶν ἀνακοινώσεων τοῦ ἀρμοδίου ὑπουργείου καί τῶν πληροφοριῶν αἱ ὁποῖαι ἐλήφθησαν ἐκ τῶν διπλωματικῶν κύκλων, αἱ διαπραγματεύσεις θά συνεχισθοῦν κατά τάς προσεχεῖς ἑβδομάδας ὑπό τήν προεδρίαν τῶν ἐκπροσώπων τῶν ἐνδιαφερομένων κυβερνήσεων. Αἱ συζητήσεις διεξάγονται ἐν πνεύματι συνεννοήσεως καί ἀναμένεται ὅτι θά καταλήξουν εἰς θετικά ἀποτελέσματα ἐντός τοῦ προσεχοῦς μηνός.

ΘΑ ΔΙΕΛΘΗ ΕΞ ΑΘΗΝΩΝ

Βάσει τῶν ἀνακοινώσεων τοῦ ἀρμοδίου ὑπουργείου καί τῶν πληροφοριῶν αἱ ὁποῖαι ἐλήφθησαν ἐκ τῶν διπλωματικῶν κύκλων, αἱ διαπραγματεύσεις θά συνεχισθοῦν κατά τάς προσεχεῖς ἑβδομάδας ὑπό τήν προεδρίαν τῶν ἐκπροσώπων τῶν ἐνδιαφερομένων κυβερνήσεων. Αἱ συζητήσεις διεξάγονται ἐν πνεύματι συνεννοήσεως καί ἀναμένεται ὅτι θά καταλήξουν εἰς θετικά ἀποτελέσματα ἐντός τοῦ προσεχοῦς μηνός.

Ο ΚΙΟΥΤΣΟΥΚ ΕΙΣ ΑΓΚΥΡΑΝ

Βάσει τῶν ἀνακοινώσεων τοῦ ἀρμοδίου ὑπουργείου καί τῶν πληροφοριῶν αἱ ὁποῖαι ἐλήφθησαν ἐκ τῶν διπλωματικῶν κύκλων, αἱ διαπραγματεύσεις θά συνεχισθοῦν κατά τάς προσεχεῖς ἑβδομάδας ὑπό τήν προεδρίαν τῶν ἐκπροσώπων τῶν ἐνδιαφερομένων κυβερνήσεων. Αἱ συζητήσεις διεξάγονται ἐν πνεύματι συνεννοήσεως καί ἀναμένεται ὅτι θά καταλήξουν εἰς

Βάσει τῶν ἀνακοινώσεων τοῦ ἀρμοδίου ὑπουργείου καί τῶν πληροφοριῶν αἱ ὁποῖαι ἐλήφθησαν ἐκ τῶν διπλωματικῶν κύκλων, αἱ διαπραγματεύσεις θά συνεχισθοῦν κατά τάς προσεχεῖς ἑβδομάδας ὑπό τήν προεδρίαν τῶν ἐκπροσώπων τῶν ἐνδιαφερομένων κυβερνήσεων. Αἱ συζητήσεις διεξάγονται ἐν πνεύματι συνεννοήσεως καί ἀναμένεται ὅτι θά καταλήξουν εἰς θετικά ἀποτελέσματα ἐντός τοῦ προσεχοῦς μηνός.

Βάσει τῶν ἀνακοινώσεων τοῦ ἀρμοδίου ὑπουργείου καί τῶν πληροφοριῶν αἱ ὁποῖαι ἐλήφθησαν ἐκ τῶν διπλωματικῶν κύκλων, αἱ διαπραγματεύσεις θά συνεχισθοῦν κατά τάς προσεχεῖς ἑβδομάδας ὑπό τήν προεδρίαν τῶν ἐκπροσώπων τῶν ἐνδιαφερομένων κυβερνήσεων. Αἱ συζητήσεις διεξάγονται ἐν πνεύματι συνεννοήσεως καί ἀναμένεται ὅτι θά καταλήξουν εἰς θετικά ἀποτελέσματα ἐντός τοῦ προσεχοῦς μηνός.

ΤΟΥΣ ΠΑΡΑΣΗΜΟΦΟΡΟΥΝ

Βάσει τῶν ἀνακοινώσεων τοῦ ἀρμοδίου ὑπουργείου καί τῶν πληροφοριῶν αἱ ὁποῖαι ἐλήφθησαν ἐκ τῶν διπλωματικῶν κύκλων, αἱ διαπραγματεύσεις θά συνεχισθοῦν κατά τάς προσεχεῖς ἑβδομάδας ὑπό τήν προεδρίαν τῶν ἐκπροσώπων τῶν ἐνδιαφερομένων κυβερνήσεων. Αἱ συζητήσεις διεξάγονται ἐν πνεύματι συνεννοήσεως καί ἀναμένεται ὅτι θά καταλήξουν εἰς θετικά ἀποτελέσματα ἐντός τοῦ

Βάσει τῶν ἀνακοινώσεων τοῦ ἀρμοδίου ὑπουργείου καί τῶν πληροφοριῶν αἱ ὁποῖαι ἐλήφθησαν ἐκ τῶν διπλωματικῶν κύκλων, αἱ διαπραγματεύσεις θά συνεχισθοῦν κατά τάς προσεχεῖς ἑβδομάδας ὑπό τήν προεδρίαν τῶν ἐκπροσώπων τῶν ἐνδιαφερομένων κυβερνήσεων. Αἱ συζητήσεις διεξάγονται ἐν πνεύματι συνεννοήσεως καί ἀναμένεται ὅτι θά καταλήξουν εἰς θετικά ἀποτελέσματα ἐντός τοῦ προσεχοῦς μηνός.

Βάσει τῶν ἀνακοινώσεων τοῦ ἀρμοδίου ὑπουργείου καί τῶν πληροφοριῶν αἱ ὁποῖαι ἐλήφθησαν ἐκ τῶν διπλωματικῶν κύκλων, αἱ διαπραγματεύσεις θά συνεχισθοῦν κατά τάς προσεχεῖς ἑβδομάδας ὑπό τήν προεδρίαν τῶν ἐκπροσώπων τῶν ἐνδιαφερομένων κυβερνήσεων. Αἱ συζητήσεις διεξάγονται ἐν πνεύματι συνεννοήσεως καί ἀναμένεται ὅτι θά καταλήξουν εἰς θετικά ἀποτελέσματα ἐντός τοῦ προσεχοῦς μηνός.

Βάσει τῶν ἀνακοινώσεων τοῦ ἀρμοδίου ὑπουργείου καί τῶν πληροφοριῶν αἱ ὁποῖαι ἐλήφθησαν ἐκ τῶν διπλωματικῶν κύκλων, αἱ διαπραγματεύσεις θά

ΔΙΑ ΤΗΝ ΕΝΙΣΧΥΣΙΝ ΤΗΣ ΕΠΙΣΤΗΜΗΣ
Ο Α΄ΙΖΕΝΧΑΟΥΕΡ ΕΝΕΚΡΙΝΕ
ΝΕΟΝ ΕΚΠΑΙΔΕΥΤΙΚΟΝ ΠΡΟΓΡΑΜΜΑ
Θά άπαιτηθή δαπάνη ένός δισ. δολλαρίων
ΓΚΕΤΤΥΣΜΠΟΥΡΓΚ Πενσυλβάνια, 30. (Ασσ. Πρές).

Βάσει τῶν ἀνακοινώσεων τοῦ ἀρμοδίου ὑπουργείου καί τῶν πληροφοριῶν αἱ ὁποῖαι ἐλήφθησαν ἐκ τῶν διπλωματικῶν κύκλων, αἱ διαπραγματεύσεις θά συνεχισθοῦν κατά τάς προσεχεῖς ἑβδομάδας ὑπό τήν προεδρίαν τῶν ἐκπροσώπων τῶν ἐνδιαφερομένων κυβερνήσεων. Αἱ συζητήσεις διεξάγονται ἐν πνεύματι συνεννοήσεως καί ἀναμένεται ὅτι θά καταλήξουν εἰς θετικά ἀποτελέσματα ἐντός τοῦ προσεχοῦς μηνός.

Βάσει τῶν ἀνακοινώσεων τοῦ ἀρμοδίου ὑπουργείου καί τῶν πληροφοριῶν αἱ ὁποῖαι ἐλήφθησαν ἐκ τῶν διπλωματικῶν κύκλων, αἱ διαπραγματεύσεις θά συνεχισθοῦν κατά τάς προσεχεῖς ἑβδομάδας ὑπό τήν προεδρίαν τῶν ἐκπροσώπων τῶν ἐνδιαφερομένων κυβερνήσεων. Αἱ συζητήσεις διεξάγονται ἐν πνεύματι συνεννοήσεως καί ἀναμένεται ὅτι θά καταλήξουν εἰς θετικά ἀποτελέσματα ἐντός τοῦ προσεχοῦς μηνός.

Βάσει τῶν ἀνακοινώσεων τοῦ ἀρμοδίου ὑπουργείου καί τῶν πληροφοριῶν αἱ ὁποῖαι ἐλήφθησαν ἐκ τῶν διπλωματικῶν κύκλων, αἱ διαπραγματεύσεις θά συνεχισθοῦν κατά τάς προσεχεῖς ἑβδομάδας ὑπό τήν προεδρίαν τῶν ἐκπροσώπων τῶν ἐνδιαφερομένων κυβερνήσεων. Αἱ συζητήσεις διεξάγονται ἐν πνεύματι συνεννοήσεως καί ἀναμένεται ὅτι θά καταλήξουν εἰς θετικά ἀποτελέσματα ἐντός τοῦ προσεχοῦς μηνός.

Βάσει τῶν ἀνακοινώσεων τοῦ ἀρμοδίου ὑπουργείου καί τῶν πληροφοριῶν αἱ ὁποῖαι ἐλήφθησαν ἐκ τῶν διπλωματικῶν κύκλων, αἱ διαπραγματεύσεις θά συνεχισθοῦν κατά τάς προσεχεῖς ἑβδομάδας ὑπό τήν προεδρίαν τῶν ἐκπροσώπων τῶν ἐνδιαφερομένων κυβερνήσεων. Αἱ συζητήσεις διεξάγονται ἐν πνεύματι συνεννοήσεως καί ἀναμένεται ὅτι θά καταλήξουν εἰς θετικά ἀποτελέσματα ἐντός τοῦ προσεχοῦς μηνός.

Η ΔΙΑΣΚΕΨΙΣ ΤΟΥ ΝΑΤΟ

Βάσει τῶν ἀνακοινώσεων τοῦ ἀρμοδίου ὑπουργείου καί τῶν πληροφοριῶν αἱ ὁποῖαι ἐλήφθησαν ἐκ τῶν διπλωματικῶν κύκλων, αἱ διαπραγματεύσεις θά συνεχισθοῦν κατά τάς προσεχεῖς ἑβδομάδας ὑπό τήν προεδρίαν τῶν ἐκπροσώπων τῶν ἐνδιαφερομένων κυβερνήσεων. Αἱ συζητήσεις διεξάγονται ἐν πνεύματι συνεννοήσεως καί ἀναμένεται ὅτι θά καταλήξουν εἰς θετικά ἀποτελέσματα ἐντός τοῦ προσεχοῦς μηνός.

Βάσει τῶν ἀνακοινώσεων τοῦ ἀρμοδίου ὑπουργείου καί τῶν πληροφοριῶν αἱ ὁποῖαι ἐλήφθησαν ἐκ τῶν διπλωματικῶν κύκλων, αἱ διαπραγματεύσεις θά συνεχισθοῦν κατά τάς προσεχεῖς ἑβδομάδας ὑπό τήν προεδρίαν τῶν ἐκπροσώπων τῶν ἐνδιαφερομένων κυβερνήσεων. Αἱ συζητήσεις διεξάγονται ἐν πνεύματι συνεννοήσεως καί ἀναμένεται ὅτι θά καταλήξουν εἰς θετικά ἀποτελέσματα ἐντός τοῦ προσεχοῦς μηνός.

Βάσει τῶν ἀνακοινώσεων τοῦ ἀρμοδίου ὑπουργείου καί τῶν πληροφοριῶν αἱ ὁποῖαι ἐλήφθησαν ἐκ τῶν διπλωματικῶν κύκλων, αἱ διαπραγματεύσεις θά συνεχισθοῦν κατά τάς προσεχεῖς ἑβδομάδας ὑπό τήν προεδρίαν τῶν ἐκπροσώπων τῶν ἐνδιαφερομένων κυβερνήσεων. Αἱ συζητήσεις διεξάγονται ἐν πνεύματι συνεννοήσεως καί ἀναμένεται ὅτι θά καταλήξουν εἰς θετικά ἀποτελέσματα ἐντός τοῦ προσεχοῦς μηνός.

ΤΡΩΓΟΥΣΑΙ ΧΟΡΤΑ ΠΙΝΟΥΣΑΙ ΝΕΡΟ ΕΖΗΣΑΝ ΕΚΑΤΟΝ ΚΑΙ ΠΛΕΟΝ ΕΤΗ
ΟΥΡΤΣΙΣΤΕΡ, Αγγλία, 30. (Ασσ. Πρές).

Βάσει τῶν ἀνακοινώσεων τοῦ ἀρμοδίου ὑπουργείου καί τῶν πληροφοριῶν αἱ ὁποῖαι ἐλήφθησαν ἐκ τῶν διπλωματικῶν κύκλων, αἱ διαπραγματεύσεις θά συνεχισθοῦν κατά τάς προσεχεῖς ἑβδομάδας ὑπό τήν προεδρίαν τῶν ἐκπροσώπων τῶν ἐνδιαφερομένων κυβερνήσεων. Αἱ συζητήσεις διεξάγονται ἐν πνεύματι συνεννοήσεως καί ἀναμένεται ὅτι θά καταλήξουν εἰς θετικά ἀποτελέσματα ἐντός τοῦ προσεχοῦς μηνός.

ΝΕΟΙ ΠΕΡΙΟΡΙΣΜΟΙ ΕΙΣ ΤΑ ΤΑΞΙΔΙΑ ΤΩΝ ΔΙΠΛΩΜΑΤΩΝ ΕΙΣ ΤΟ ΒΕΡΟΛΙΝΟΝ
ΒΕΡΟΛΙΝΟΝ, 30. (Ασσ. Πρές).

Βάσει τῶν ἀνακοινώσεων τοῦ ἀρμοδίου ὑπουργείου καί τῶν πληροφοριῶν αἱ ὁποῖαι ἐλήφθησαν ἐκ τῶν διπλωματικῶν κύκλων, αἱ διαπραγματεύσεις θά συνεχισθοῦν κατά τάς προσεχεῖς ἑβδομάδας ὑπό τήν προεδρίαν τῶν ἐκπροσώπων τῶν ἐνδιαφερομένων κυβερνήσεων. Αἱ συζητήσεις διεξάγονται ἐν πνεύματι συνεννοήσεως καί ἀναμένεται ὅτι θά καταλήξουν εἰς θετικά ἀποτελέσματα ἐντός τοῦ προσεχοῦς μηνός.

ΤΟ ΙΡΑΚ ΘΑ ΕΝΙΣΧΥΣΗ ΟΙΚΟΝΟΜΙΚΩΣ ΤΟΥΣ ΑΛΓΕΡΙΝΟΥΣ
ΒΑΓΔΑΤΗ, 30. (Ασσ. Πρές).

Βάσει τῶν ἀνακοινώσεων τοῦ ἀρμοδίου ὑπουργείου καί τῶν πληροφοριῶν αἱ ὁποῖαι ἐλήφθησαν ἐκ τῶν διπλωματικῶν κύκλων, αἱ διαπραγματεύσεις θά συνεχισθοῦν κατά τάς προσεχεῖς ἑβδομάδας ὑπό τήν προεδρίαν τῶν ἐκπροσώπων τῶν ἐνδιαφερομένων κυβερνήσεων. Αἱ συζητήσεις διεξάγονται ἐν πνεύματι συνεννοήσεως καί ἀναμένεται ὅτι θά καταλήξουν εἰς θετικά ἀποτελέσματα ἐντός τοῦ προσεχοῦς μηνός.

Η ΥΕΜΕΝΗ ΟΡΓΑΝΩΝΕΙ ΤΑΡΑΧΑΣ ΕΙΣ ΑΝΤΕΝ ΚΑΤΑ ΤΟΥΣ ΑΓΓΛΟΥΣ
ΛΟΝΔΙΝΟΝ, 30. (Ασσ. Πρές).

Βάσει τῶν ἀνακοινώσεων τοῦ ἀρμοδίου ὑπουργείου καί τῶν πληροφοριῶν αἱ ὁποῖαι ἐλήφθησαν ἐκ τῶν διπλωματικῶν κύκλων, αἱ διαπραγματεύσεις θά συνεχισθοῦν κατά τάς προσεχεῖς ἑβδομάδας ὑπό τήν προεδρίαν τῶν ἐκπροσώπων τῶν ἐνδιαφερομένων κυβερνήσεων. Αἱ συζητήσεις διεξάγονται ἐν πνεύματι συνεννοήσεως καί ἀναμένεται ὅτι θά καταλήξουν εἰς θετικά ἀποτελέσματα ἐντός τοῦ προσεχοῦς μηνός.

ΑΥΛΙΚΟΙ ΚΑΙ ΒΡΕΤΑΝΝΟΙ ΣΥΝΩΜΟΤΟΥΝ ΚΑΤΑ ΤΟΥ ΝΑΣΣΕΡ
ΚΑΪΡΟΝ, 30. (Τάσσ).

Βάσει τῶν ἀνακοινώσεων τοῦ ἀρμοδίου ὑπουργείου καί τῶν πληροφοριῶν αἱ ὁποῖαι ἐλήφθησαν ἐκ τῶν διπλωματικῶν κύκλων, αἱ διαπραγματεύσεις θά συνεχισθοῦν κατά τάς προσεχεῖς ἑβδομάδας ὑπό τήν προεδρίαν τῶν ἐκπροσώπων τῶν ἐνδιαφερομένων κυβερνήσεων. Αἱ συζητήσεις διεξάγονται ἐν πνεύματι συνεννοήσεως καί ἀναμένεται ὅτι θά καταλήξουν εἰς θετικά ἀποτελέσματα ἐντός τοῦ προσεχοῦς μηνός.

ΑΓΓΛΟΣ ΕΡΓΑΤΙΚΟΣ ΕΙΣ ΠΕΡΙΟΔΕΙΑΝ ΕΙΣ ΜΕΣΗΝ ΑΝΑΤΟΛΗΝ
ΛΟΝΔΙΝΟΝ, 30. (Ρώυτερ).

Βάσει τῶν ἀνακοινώσεων τοῦ ἀρμοδίου ὑπουργείου καί τῶν πληροφοριῶν αἱ ὁποῖαι ἐλήφθησαν ἐκ τῶν διπλωματικῶν κύκλων, αἱ διαπραγματεύσεις θά συνεχισθοῦν κατά τάς προσεχεῖς ἑβδομάδας ὑπό τήν προεδρίαν τῶν ἐκπροσώπων τῶν ἐνδιαφερομένων κυβερνήσεων. Αἱ συζητήσεις διεξάγονται ἐν πνεύματι συνεννοήσεως καί ἀναμένεται ὅτι θά καταλήξουν εἰς θετικά ἀποτελέσματα ἐντός τοῦ προσεχοῦς μηνός.

ΔΥΟ ΤΟΥΡΚΟΙ ΣΤΡΑΤΙΩΤΑΙ ΕΙΣΒΑΛΟΝΤΕΣ ΕΙΣ ΣΥΡΙΑΝ ΑΠΗΓΑΓΟΝ ΔΥΟ ΧΩΡΙΚΟΥΣ
ΔΑΜΑΣΚΟΣ, 30. (Ασσ. Πρές).

Βάσει τῶν ἀνακοινώσεων τοῦ ἀρμοδίου ὑπουργείου καί τῶν πληροφοριῶν αἱ ὁποῖαι ἐλήφθησαν ἐκ τῶν διπλωματικῶν κύκλων, αἱ διαπραγματεύσεις θά συνεχισθοῦν κατά τάς προσεχεῖς ἑβδομάδας ὑπό τήν προεδρίαν τῶν ἐκπροσώπων τῶν ἐνδιαφερομένων κυβερνήσεων. Αἱ συζητήσεις διεξάγονται ἐν πνεύματι συνεννοήσεως καί ἀναμένεται ὅτι θά καταλήξουν εἰς θετικά ἀποτελέσματα ἐντός τοῦ προσεχοῦς μηνός.

ΑΙ ΑΡΑΒΙΚΑΙ ΧΩΡΑΙ ΤΑ ΟΠΛΑ ΤΟΥ ΙΣΡΑΗΛ ΚΑΙ Η Δ. ΓΕΡΜΑΝΙΑ
ΑΜΜΑΝ, 30. (Ασσ. Πρές).

Βάσει τῶν ἀνακοινώσεων τοῦ ἀρμοδίου ὑπουργείου καί τῶν πληροφοριῶν αἱ ὁποῖαι ἐλήφθησαν ἐκ τῶν διπλωματικῶν κύκλων, αἱ διαπραγματεύσεις θά συνεχισθοῦν κατά τάς προσεχεῖς ἑβδομάδας ὑπό τήν προεδρίαν τῶν ἐκπροσώπων τῶν ἐνδιαφερομένων κυβερνήσεων. Αἱ συζητήσεις διεξάγονται ἐν πνεύματι συνεννοήσεως καί ἀναμένεται ὅτι θά καταλήξουν εἰς θετικά ἀποτελέσματα ἐντός τοῦ προσεχοῦς μηνός.

Η ΥΠΗΡΕΤΡΙΑ ΕΡΡΙΨΕ ΤΟ ΒΡΕΦΟΣ ΕΙΣ ΤΟΝ ΠΟΤΑΜΟΝ
ΛΟΝΔΙΝΟΝ, 30. (Ασσ. Πρές).

Βάσει τῶν ἀνακοινώσεων τοῦ ἀρμοδίου ὑπουργείου καί τῶν πληροφοριῶν αἱ ὁποῖαι ἐλήφθησαν ἐκ τῶν διπλωματικῶν κύκλων, αἱ διαπραγματεύσεις θά συνεχισθοῦν κατά τάς προσεχεῖς ἑβδομάδας ὑπό τήν προεδρίαν τῶν ἐκπροσώπων τῶν ἐνδιαφερομένων κυβερνήσεων. Αἱ συζητήσεις διεξάγονται ἐν πνεύματι συνεννοήσεως καί ἀναμένεται ὅτι θά καταλήξουν εἰς θετικά ἀποτελέσματα ἐντός τοῦ προσεχοῦς μηνός.

ΔΥΟ ΙΝΔΟΙ ΔΙΚΗΓΟΡΟΙ ΕΖΗΤΗΣΑΝ ΝΑ ΠΑΡΑΣΤΟΥΝ ΕΙΣ ΤΗΝ ΔΙΚΗΝ ΤΟΥ ΣΤΡΑΤΗΓΟΥ ΜΑΛΕΤΕΡ
ΝΕΟΝ ΔΕΛΧΙ, 30. (Ασσ. Πρές).

Βάσει τῶν ἀνακοινώσεων τοῦ ἀρμοδίου ὑπουργείου καί τῶν πληροφοριῶν αἱ ὁποῖαι ἐλήφθησαν ἐκ τῶν διπλωματικῶν κύκλων, αἱ διαπραγματεύσεις θά συνεχισθοῦν κατά τάς προσεχεῖς ἑβδομάδας ὑπό τήν προεδρίαν τῶν ἐκπροσώπων τῶν ἐνδιαφερομένων κυβερνήσεων. Αἱ συζητήσεις διεξάγονται ἐν πνεύματι συνεννοήσεως καί ἀναμένεται ὅτι θά καταλήξουν εἰς θετικά ἀποτελέσματα ἐντός τοῦ προσεχοῦς μηνός.

Ο ΔΙΑΔΟΧΟΣ ΤΗΣ ΥΕΜΕΝΗΣ ΕΦΘΑΣΕΝ ΕΙΣ ΜΟΣΧΑΝ
ΜΟΣΧΑ, 30. (Ασσ. Πρές).

Βάσει τῶν ἀνακοινώσεων τοῦ ἀρμοδίου ὑπουργείου καί τῶν πληροφοριῶν αἱ ὁποῖαι ἐλήφθησαν ἐκ τῶν διπλωματικῶν κύκλων, αἱ διαπραγματεύσεις θά συνεχισθοῦν κατά τάς προσεχεῖς ἑβδομάδας ὑπό τήν προεδρίαν τῶν ἐκπροσώπων τῶν ἐνδιαφερομένων κυβερνήσεων. Αἱ συζητήσεις διεξάγονται ἐν πνεύματι συνεννοήσεως καί ἀναμένεται ὅτι θά καταλήξουν εἰς θετικά ἀποτελέσματα ἐντός τοῦ προσεχοῦς μηνός.
